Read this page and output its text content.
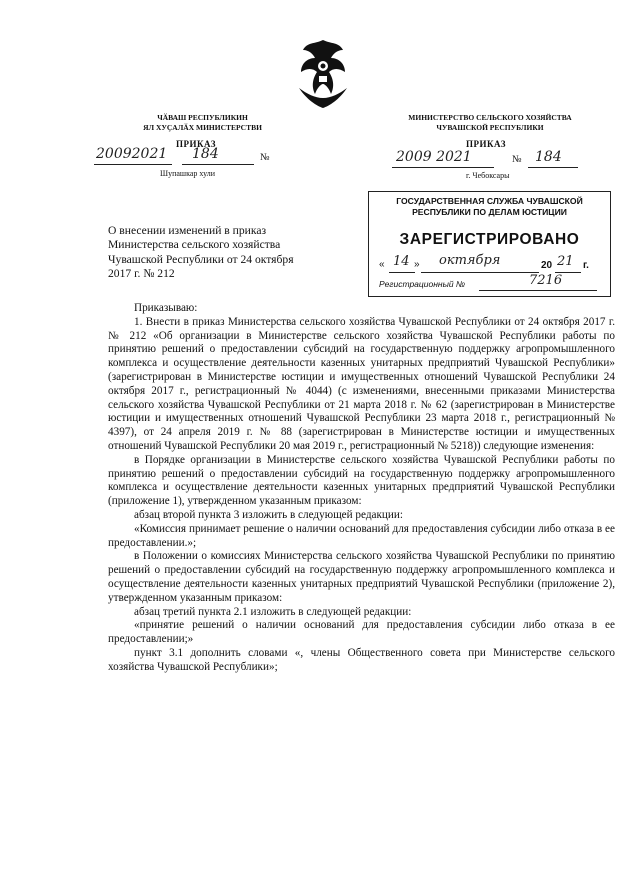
ЧӐВАШ РЕСПУБЛИКИН
ЯЛ ХУҪАЛӐХ МИНИСТЕРСТВИ
ПРИКАЗ
20092021 184	№
Шупашкар хули
МИНИСТЕРСТВО СЕЛЬСКОГО ХОЗЯЙСТВА
ЧУВАШСКОЙ РЕСПУБЛИКИ
ПРИКАЗ
2009 2021	№ 184
г. Чебоксары
О внесении изменений в приказ
Министерства сельского хозяйства
Чувашской Республики от 24 октября
2017 г. № 212
ГОСУДАРСТВЕННАЯ СЛУЖБА ЧУВАШСКОЙ
РЕСПУБЛИКИ ПО ДЕЛАМ ЮСТИЦИИ
ЗАРЕГИСТРИРОВАНО
« 14 » октября	20 21 г.
Регистрационный №	7216

Приказываю:

1. Внести в приказ Министерства сельского хозяйства Чувашской Республики от 24 октября 2017 г. № 212 «Об организации в Министерстве сельского хозяйства Чувашской Республики работы по принятию решений о предоставлении субсидий на государственную поддержку агропромышленного комплекса и осуществление деятельности казенных унитарных предприятий Чувашской Республики» (зарегистрирован в Министерстве юстиции и имущественных отношений Чувашской Республики 24 октября 2017 г., регистрационный № 4044) (с изменениями, внесенными приказами Министерства сельского хозяйства Чувашской Республики от 21 марта 2018 г. № 62 (зарегистрирован в Министерстве юстиции и имущественных отношений Чувашской Республики 23 марта 2018 г., регистрационный № 4397), от 24 апреля 2019 г. № 88 (зарегистрирован в Министерстве юстиции и имущественных отношений Чувашской Республики 20 мая 2019 г., регистрационный № 5218)) следующие изменения:

в Порядке организации в Министерстве сельского хозяйства Чувашской Республики работы по принятию решений о предоставлении субсидий на государственную поддержку агропромышленного комплекса и осуществление деятельности казенных унитарных предприятий Чувашской Республики (приложение 1), утвержденном указанным приказом:

абзац второй пункта 3 изложить в следующей редакции:

«Комиссия принимает решение о наличии оснований для предоставления субсидии либо отказа в ее предоставлении.»;

в Положении о комиссиях Министерства сельского хозяйства Чувашской Республики по принятию решений о предоставлении субсидий на государственную поддержку агропромышленного комплекса и осуществление деятельности казенных унитарных предприятий Чувашской Республики (приложение 2), утвержденном указанным приказом:

абзац третий пункта 2.1 изложить в следующей редакции:

«принятие решений о наличии оснований для предоставления субсидии либо отказа в ее предоставлении;»

пункт 3.1 дополнить словами «, члены Общественного совета при Министерстве сельского хозяйства Чувашской Республики»;
